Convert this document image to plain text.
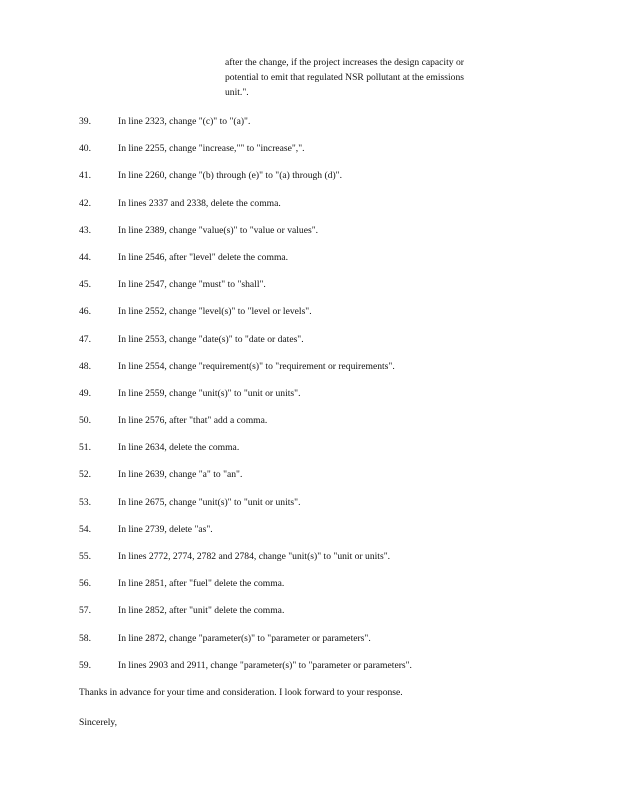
after the change, if the project increases the design capacity or
potential to emit that regulated NSR pollutant at the emissions
unit.".
39.	In line 2323, change "(c)" to "(a)".
40.	In line 2255, change "increase,"" to "increase",".
41.	In line 2260, change "(b) through (e)" to "(a) through (d)".
42.	In lines 2337 and 2338, delete the comma.
43.	In line 2389, change "value(s)" to "value or values".
44.	In line 2546, after "level" delete the comma.
45.	In line 2547, change "must" to "shall".
46.	In line 2552, change "level(s)" to "level or levels".
47.	In line 2553, change "date(s)" to "date or dates".
48.	In line 2554, change "requirement(s)" to "requirement or requirements".
49.	In line 2559, change "unit(s)" to "unit or units".
50.	In line 2576, after "that" add a comma.
51.	In line 2634, delete the comma.
52.	In line 2639, change "a" to "an".
53.	In line 2675, change "unit(s)" to "unit or units".
54.	In line 2739, delete "as".
55.	In lines 2772, 2774, 2782 and 2784, change "unit(s)" to "unit or units".
56.	In line 2851, after "fuel" delete the comma.
57.	In line 2852, after "unit" delete the comma.
58.	In line 2872, change "parameter(s)" to "parameter or parameters".
59.	In lines 2903 and 2911, change "parameter(s)" to "parameter or parameters".

Thanks in advance for your time and consideration. I look forward to your response.

Sincerely,
